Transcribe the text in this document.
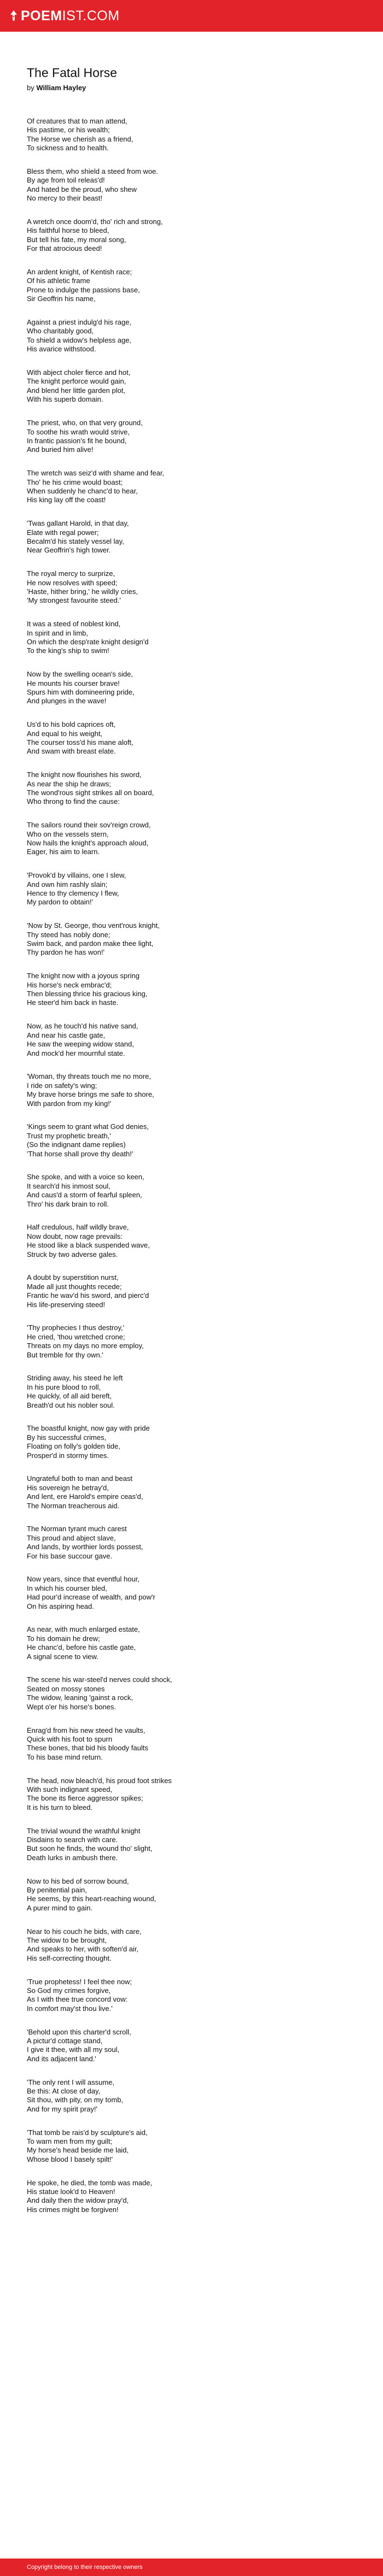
POEMIST.COM
The Fatal Horse
by William Hayley
Of creatures that to man attend,
His pastime, or his wealth;
The Horse we cherish as a friend,
To sickness and to health.
Bless them, who shield a steed from woe.
By age from toil releas'd!
And hated be the proud, who shew
No mercy to their beast!
A wretch once doom'd, tho' rich and strong,
His faithful horse to bleed,
But tell his fate, my moral song,
For that atrocious deed!
An ardent knight, of Kentish race;
Of his athletic frame
Prone to indulge the passions base,
Sir Geoffrin his name,
Against a priest indulg'd his rage,
Who charitably good,
To shield a widow's helpless age,
His avarice withstood.
With abject choler fierce and hot,
The knight perforce would gain,
And blend her little garden plot,
With his superb domain.
The priest, who, on that very ground,
To soothe his wrath would strive,
In frantic passion's fit he bound,
And buried him alive!
The wretch was seiz'd with shame and fear,
Tho' he his crime would boast;
When suddenly he chanc'd to hear,
His king lay off the coast!
'Twas gallant Harold, in that day,
Elate with regal power;
Becalm'd his stately vessel lay,
Near Geoffrin's high tower.
The royal mercy to surprize,
He now resolves with speed;
'Haste, hither bring,' he wildly cries,
'My strongest favourite steed.'
It was a steed of noblest kind,
In spirit and in limb,
On which the desp'rate knight design'd
To the king's ship to swim!
Now by the swelling ocean's side,
He mounts his courser brave!
Spurs him with domineering pride,
And plunges in the wave!
Us'd to his bold caprices oft,
And equal to his weight,
The courser toss'd his mane aloft,
And swam with breast elate.
The knight now flourishes his sword,
As near the ship he draws;
The wond'rous sight strikes all on board,
Who throng to find the cause:
The sailors round their sov'reign crowd,
Who on the vessels stern,
Now hails the knight's approach aloud,
Eager, his aim to learn.
'Provok'd by villains, one I slew,
And own him rashly slain;
Hence to thy clemency I flew,
My pardon to obtain!'
'Now by St. George, thou vent'rous knight,
Thy steed has nobly done;
Swim back, and pardon make thee light,
Thy pardon he has won!'
The knight now with a joyous spring
His horse's neck embrac'd;
Then blessing thrice his gracious king,
He steer'd him back in haste.
Now, as he touch'd his native sand,
And near his castle gate,
He saw the weeping widow stand,
And mock'd her mournful state.
'Woman, thy threats touch me no more,
I ride on safety's wing;
My brave horse brings me safe to shore,
With pardon from my king!'
'Kings seem to grant what God denies,
Trust my prophetic breath,'
(So the indignant dame replies)
'That horse shall prove thy death!'
She spoke, and with a voice so keen,
It search'd his inmost soul,
And caus'd a storm of fearful spleen,
Thro' his dark brain to roll.
Half credulous, half wildly brave,
Now doubt, now rage prevails:
He stood like a black suspended wave,
Struck by two adverse gales.
A doubt by superstition nurst,
Made all just thoughts recede;
Frantic he wav'd his sword, and pierc'd
His life-preserving steed!
'Thy prophecies I thus destroy,'
He cried, 'thou wretched crone;
Threats on my days no more employ,
But tremble for thy own.'
Striding away, his steed he left
In his pure blood to roll,
He quickly, of all aid bereft,
Breath'd out his nobler soul.
The boastful knight, now gay with pride
By his successful crimes,
Floating on folly's golden tide,
Prosper'd in stormy times.
Ungrateful both to man and beast
His sovereign he betray'd,
And lent, ere Harold's empire ceas'd,
The Norman treacherous aid.
The Norman tyrant much carest
This proud and abject slave,
And lands, by worthier lords possest,
For his base succour gave.
Now years, since that eventful hour,
In which his courser bled,
Had pour'd increase of wealth, and pow'r
On his aspiring head.
As near, with much enlarged estate,
To his domain he drew;
He chanc'd, before his castle gate,
A signal scene to view.
The scene his war-steel'd nerves could shock,
Seated on mossy stones
The widow, leaning 'gainst a rock,
Wept o'er his horse's bones.
Enrag'd from his new steed he vaults,
Quick with his foot to spurn
These bones, that bid his bloody faults
To his base mind return.
The head, now bleach'd, his proud foot strikes
With such indignant speed,
The bone its fierce aggressor spikes;
It is his turn to bleed.
The trivial wound the wrathful knight
Disdains to search with care.
But soon he finds, the wound tho' slight,
Death lurks in ambush there.
Now to his bed of sorrow bound,
By penitential pain,
He seems, by this heart-reaching wound,
A purer mind to gain.
Near to his couch he bids, with care,
The widow to be brought,
And speaks to her, with soften'd air,
His self-correcting thought.
'True prophetess! I feel thee now;
So God my crimes forgive,
As I with thee true concord vow:
In comfort may'st thou live.'
'Behold upon this charter'd scroll,
A pictur'd cottage stand,
I give it thee, with all my soul,
And its adjacent land.'
'The only rent I will assume,
Be this: At close of day,
Sit thou, with pity, on my tomb,
And for my spirit pray!'
'That tomb be rais'd by sculpture's aid,
To warn men from my guilt;
My horse's head beside me laid,
Whose blood I basely spilt!'
He spoke, he died, the tomb was made,
His statue look'd to Heaven!
And daily then the widow pray'd,
His crimes might be forgiven!
Copyright belong to their respective owners
